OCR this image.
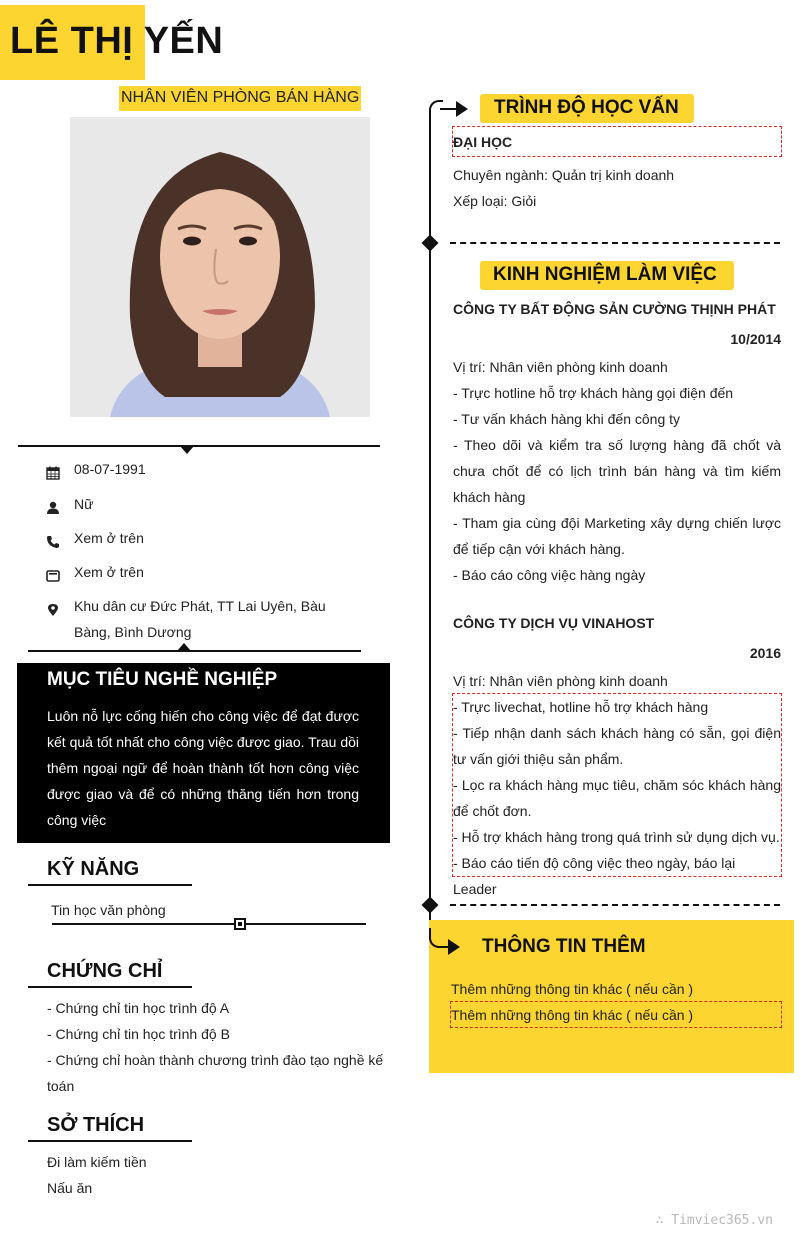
LÊ THỊ YẾN
NHÂN VIÊN PHÒNG BÁN HÀNG
08-07-1991
Nữ
Xem ở trên
Xem ở trên
Khu dân cư Đức Phát, TT Lai Uyên, Bàu Bàng, Bình Dương
MỤC TIÊU NGHỀ NGHIỆP
Luôn nỗ lực cống hiến cho công việc để đạt được kết quả tốt nhất cho công việc được giao. Trau dồi thêm ngoại ngữ để hoàn thành tốt hơn công việc được giao và để có những thăng tiến hơn trong công việc
KỸ NĂNG
Tin học văn phòng
CHỨNG CHỈ
- Chứng chỉ tin học trình độ A
- Chứng chỉ tin học trình độ B
- Chứng chỉ hoàn thành chương trình đào tạo nghề kế toán
SỞ THÍCH
Đi làm kiếm tiền
Nấu ăn
TRÌNH ĐỘ HỌC VẤN
ĐẠI HỌC
Chuyên ngành: Quản trị kinh doanh
Xếp loại: Giỏi
KINH NGHIỆM LÀM VIỆC
CÔNG TY BẤT ĐỘNG SẢN CƯỜNG THỊNH PHÁT
10/2014
Vị trí: Nhân viên phòng kinh doanh
- Trực hotline hỗ trợ khách hàng gọi điện đến
- Tư vấn khách hàng khi đến công ty
- Theo dõi và kiểm tra số lượng hàng đã chốt và chưa chốt để có lịch trình bán hàng và tìm kiếm khách hàng
- Tham gia cùng đội Marketing xây dựng chiến lược để tiếp cận với khách hàng.
- Báo cáo công việc hàng ngày
CÔNG TY DỊCH VỤ VINAHOST
2016
Vị trí: Nhân viên phòng kinh doanh
- Trực livechat, hotline hỗ trợ khách hàng
- Tiếp nhận danh sách khách hàng có sẵn, gọi điện tư vấn giới thiệu sản phẩm.
- Lọc ra khách hàng mục tiêu, chăm sóc khách hàng để chốt đơn.
- Hỗ trợ khách hàng trong quá trình sử dụng dịch vụ.
- Báo cáo tiến độ công việc theo ngày, báo lại Leader
THÔNG TIN THÊM
Thêm những thông tin khác ( nếu cần )
Thêm những thông tin khác ( nếu cần )
∴ Timviec365.vn
